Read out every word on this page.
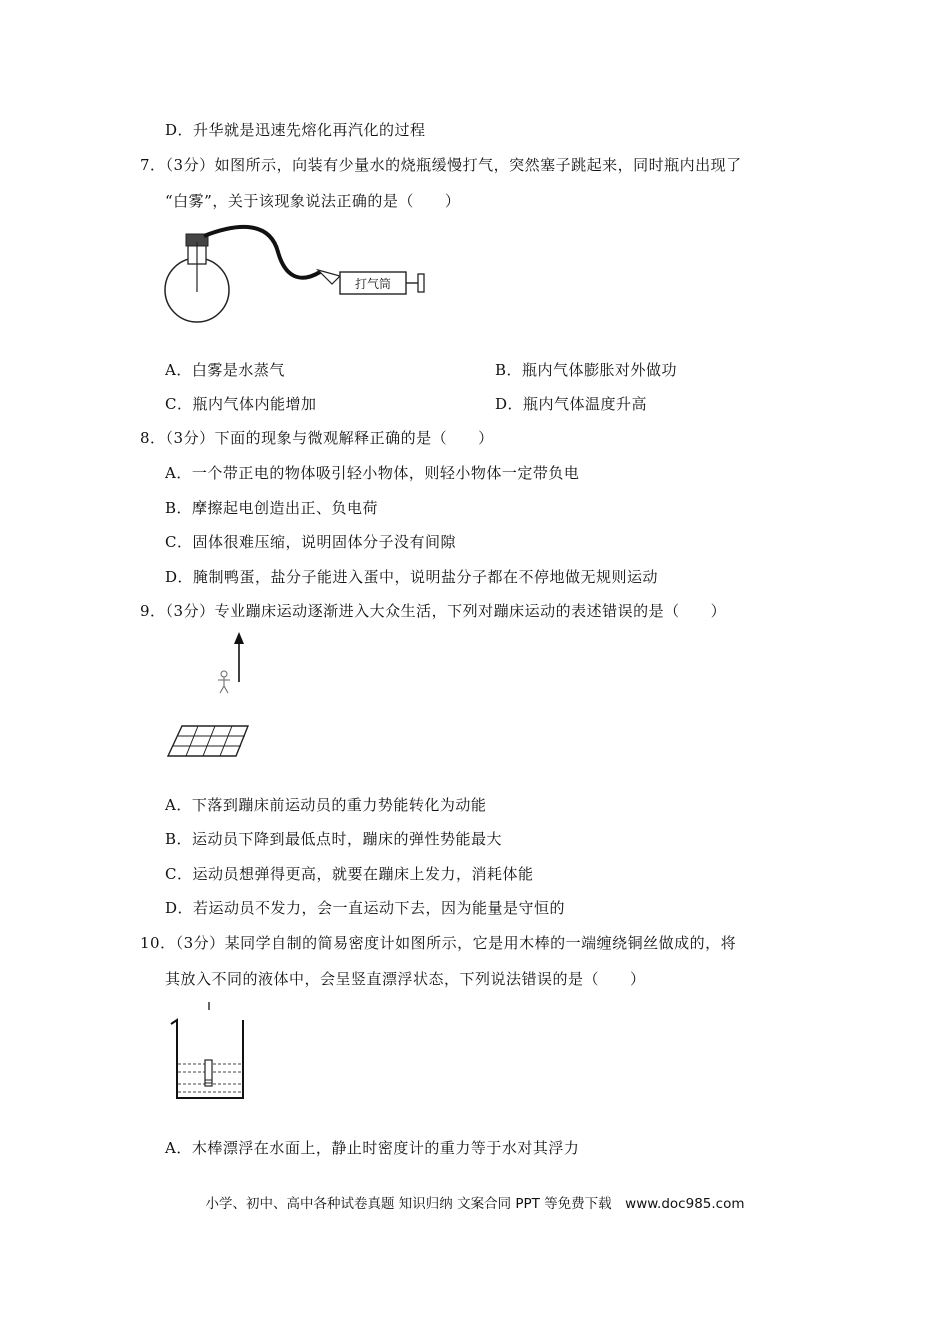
D．升华就是迅速先熔化再汽化的过程
7．（3分）如图所示，向装有少量水的烧瓶缓慢打气，突然塞子跳起来，同时瓶内出现了
“白雾”，关于该现象说法正确的是（　　）
打气筒
A．白雾是水蒸气	B．瓶内气体膨胀对外做功
C．瓶内气体内能增加	D．瓶内气体温度升高
8．（3分）下面的现象与微观解释正确的是（　　）
A．一个带正电的物体吸引轻小物体，则轻小物体一定带负电
B．摩擦起电创造出正、负电荷
C．固体很难压缩，说明固体分子没有间隙
D．腌制鸭蛋，盐分子能进入蛋中，说明盐分子都在不停地做无规则运动
9．（3分）专业蹦床运动逐渐进入大众生活，下列对蹦床运动的表述错误的是（　　）
A．下落到蹦床前运动员的重力势能转化为动能
B．运动员下降到最低点时，蹦床的弹性势能最大
C．运动员想弹得更高，就要在蹦床上发力，消耗体能
D．若运动员不发力，会一直运动下去，因为能量是守恒的
10．（3分）某同学自制的简易密度计如图所示，它是用木棒的一端缠绕铜丝做成的，将
其放入不同的液体中，会呈竖直漂浮状态，下列说法错误的是（　　）
A．木棒漂浮在水面上，静止时密度计的重力等于水对其浮力
小学、初中、高中各种试卷真题 知识归纳 文案合同 PPT 等免费下载　www.doc985.com
